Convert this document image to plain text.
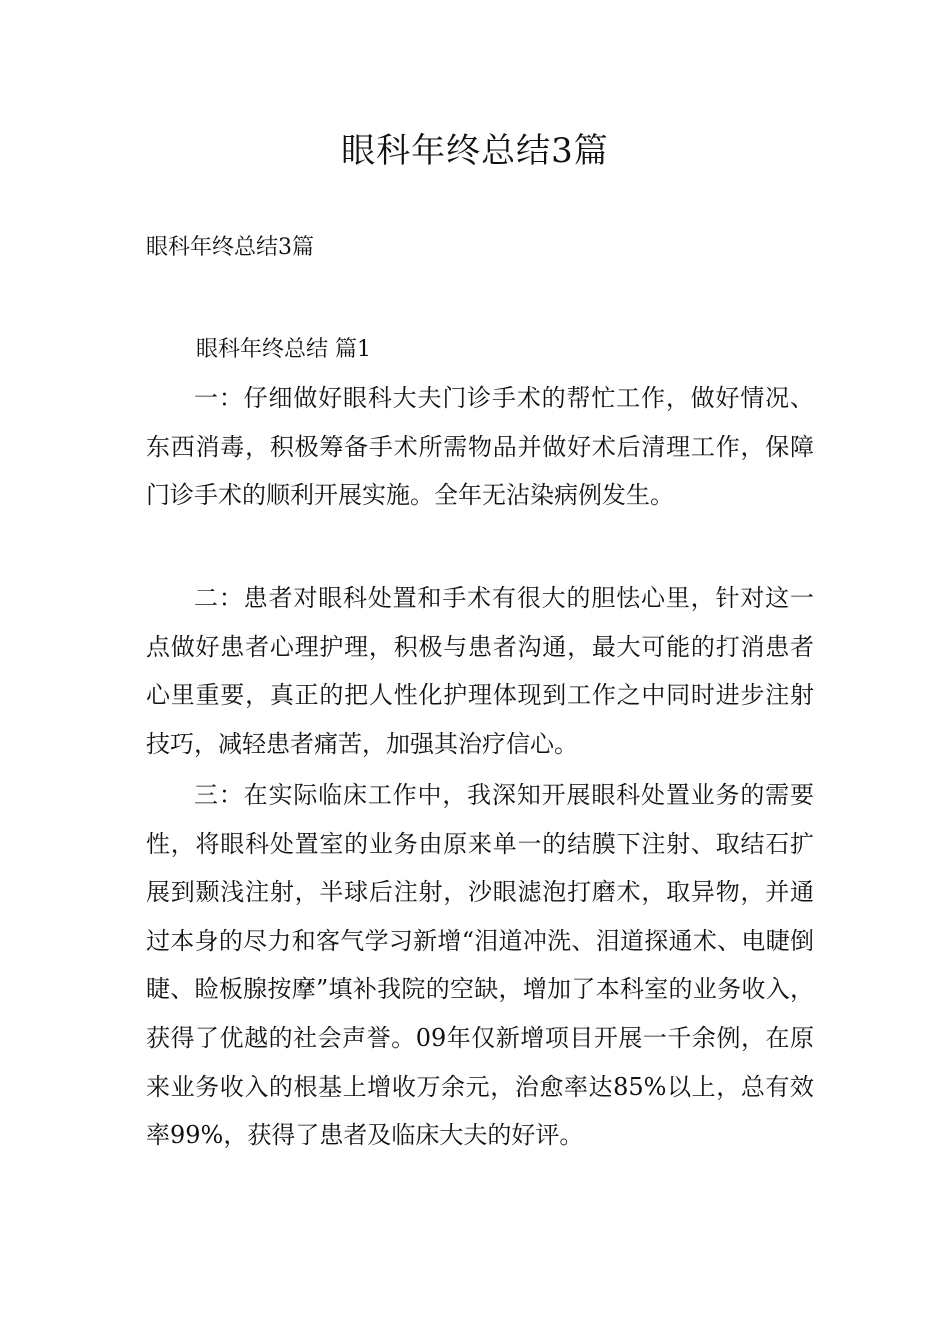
眼科年终总结3篇

眼科年终总结3篇

眼科年终总结 篇1

一：仔细做好眼科大夫门诊手术的帮忙工作，做好情况、东西消毒，积极筹备手术所需物品并做好术后清理工作，保障门诊手术的顺利开展实施。全年无沾染病例发生。

二：患者对眼科处置和手术有很大的胆怯心里，针对这一点做好患者心理护理，积极与患者沟通，最大可能的打消患者心里重要，真正的把人性化护理体现到工作之中同时进步注射技巧，减轻患者痛苦，加强其治疗信心。

三：在实际临床工作中，我深知开展眼科处置业务的需要性，将眼科处置室的业务由原来单一的结膜下注射、取结石扩展到颞浅注射，半球后注射，沙眼滤泡打磨术，取异物，并通过本身的尽力和客气学习新增“泪道冲洗、泪道探通术、电睫倒睫、睑板腺按摩”填补我院的空缺，增加了本科室的业务收入，获得了优越的社会声誉。09年仅新增项目开展一千余例，在原来业务收入的根基上增收万余元，治愈率达85%以上，总有效率99%，获得了患者及临床大夫的好评。
